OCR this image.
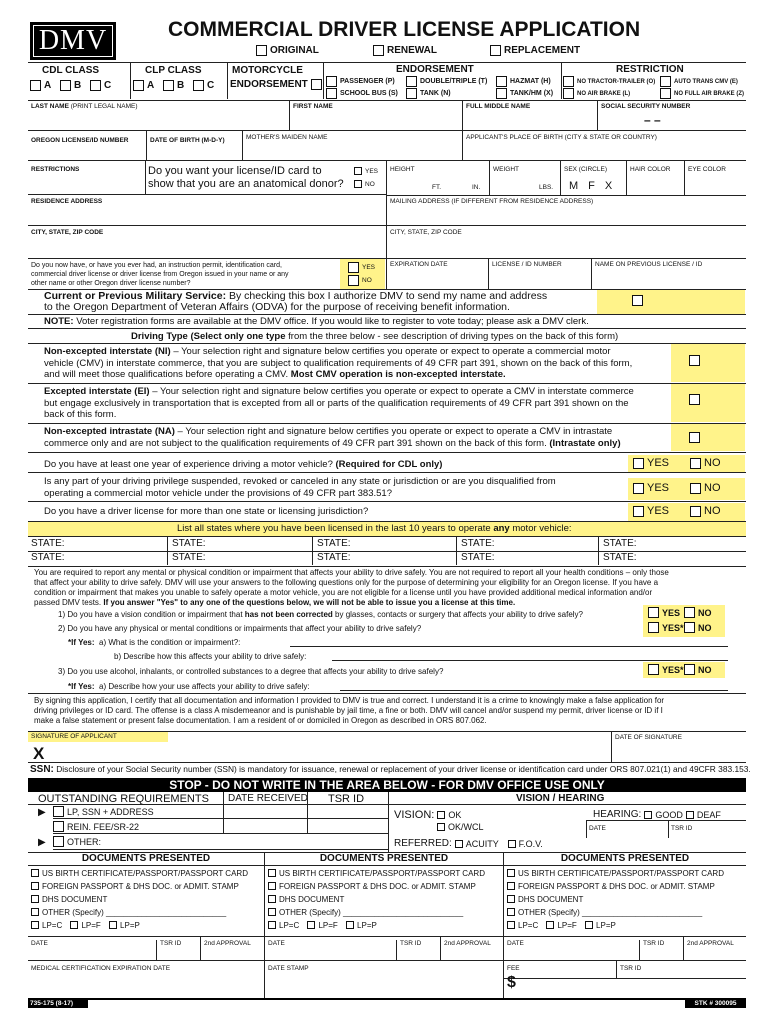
DMV	COMMERCIAL DRIVER LICENSE APPLICATION
ORIGINAL	RENEWAL	REPLACEMENT
CDL CLASS
A
B
C
CLP CLASS
A
B
C
MOTORCYCLE
ENDORSEMENT
ENDORSEMENT
PASSENGER (P)	DOUBLE/TRIPLE (T)	HAZMAT (H)
SCHOOL BUS (S)	TANK (N)	TANK/HM (X)
RESTRICTION
NO TRACTOR-TRAILER (O)	AUTO TRANS CMV (E)
NO AIR BRAKE (L)	NO FULL AIR BRAKE (Z)
LAST NAME (PRINT LEGAL NAME)	FIRST NAME	FULL MIDDLE NAME	SOCIAL SECURITY NUMBER
– –
OREGON LICENSE/ID NUMBER	DATE OF BIRTH (M-D-Y)	MOTHER'S MAIDEN NAME	APPLICANT'S PLACE OF BIRTH (CITY & STATE OR COUNTRY)
RESTRICTIONS	Do you want your license/ID card to
show that you are an anatomical donor?
YES
NO
HEIGHT
FT.	IN.
WEIGHT
LBS.
SEX (CIRCLE)
M F X
HAIR COLOR	EYE COLOR
RESIDENCE ADDRESS	MAILING ADDRESS (IF DIFFERENT FROM RESIDENCE ADDRESS)
CITY, STATE, ZIP CODE	CITY, STATE, ZIP CODE
Do you now have, or have you ever had, an instruction permit, identification card,
commercial driver license or driver license from Oregon issued in your name or any
other name or other Oregon driver license number?
YES
NO
EXPIRATION DATE	LICENSE / ID NUMBER	NAME ON PREVIOUS LICENSE / ID
Current or Previous Military Service: By checking this box I authorize DMV to send my name and address
to the Oregon Department of Veteran Affairs (ODVA) for the purpose of receiving benefit information.
NOTE: Voter registration forms are available at the DMV office. If you would like to register to vote today; please ask a DMV clerk.
Driving Type (Select only one type from the three below - see description of driving types on the back of this form)
Non-excepted interstate (NI) – Your selection right and signature below certifies you operate or expect to operate a commercial motor
vehicle (CMV) in interstate commerce, that you are subject to qualification requirements of 49 CFR part 391, shown on the back of this form,
and will meet those qualifications before operating a CMV. Most CMV operation is non-excepted interstate.
Excepted interstate (EI) – Your selection right and signature below certifies you operate or expect to operate a CMV in interstate commerce
but engage exclusively in transportation that is excepted from all or parts of the qualification requirements of 49 CFR part 391 shown on the
back of this form.
Non-excepted intrastate (NA) – Your selection right and signature below certifies you operate or expect to operate a CMV in intrastate
commerce only and are not subject to the qualification requirements of 49 CFR part 391 shown on the back of this form. (Intrastate only)
Do you have at least one year of experience driving a motor vehicle? (Required for CDL only)	YES	NO
Is any part of your driving privilege suspended, revoked or canceled in any state or jurisdiction or are you disqualified from
operating a commercial motor vehicle under the provisions of 49 CFR part 383.51?	YES	NO
Do you have a driver license for more than one state or licensing jurisdiction?	YES	NO
List all states where you have been licensed in the last 10 years to operate any motor vehicle:
STATE:	STATE:	STATE:	STATE:	STATE:
STATE:	STATE:	STATE:	STATE:	STATE:
You are required to report any mental or physical condition or impairment that affects your ability to drive safely. You are not required to report all your health conditions – only those
that affect your ability to drive safely. DMV will use your answers to the following questions only for the purpose of determining your eligibility for an Oregon license. If you have a
condition or impairment that makes you unable to safely operate a motor vehicle, you are not eligible for a license until you have provided additional medical information and/or
passed DMV tests. If you answer "Yes" to any one of the questions below, we will not be able to issue you a license at this time.
1) Do you have a vision condition or impairment that has not been corrected by glasses, contacts or surgery that affects your ability to drive safely?	YES NO
2) Do you have any physical or mental conditions or impairments that affect your ability to drive safely?	YES* NO
*If Yes: a) What is the condition or impairment?:
b) Describe how this affects your ability to drive safely:
3) Do you use alcohol, inhalants, or controlled substances to a degree that affects your ability to drive safely?	YES* NO
*If Yes: a) Describe how your use affects your ability to drive safely:
By signing this application, I certify that all documentation and information I provided to DMV is true and correct. I understand it is a crime to knowingly make a false application for
driving privileges or ID card. The offense is a class A misdemeanor and is punishable by jail time, a fine or both. DMV will cancel and/or suspend my permit, driver license or ID if I
make a false statement or present false documentation. I am a resident of or domiciled in Oregon as described in ORS 807.062.
SIGNATURE OF APPLICANT
X
DATE OF SIGNATURE
SSN: Disclosure of your Social Security number (SSN) is mandatory for issuance, renewal or replacement of your driver license or identification card under ORS 807.021(1) and 49CFR 383.153.
STOP - DO NOT WRITE IN THE AREA BELOW - FOR DMV OFFICE USE ONLY
OUTSTANDING REQUIREMENTS DATE RECEIVED TSR ID	VISION / HEARING
▶ LP, SSN + ADDRESS
REIN. FEE/SR-22
▶ OTHER:
VISION: OK
OK/WCL
HEARING: GOOD DEAF
DATE	TSR ID
REFERRED: ACUITY
F.O.V.
DOCUMENTS PRESENTED
US BIRTH CERTIFICATE/PASSPORT/PASSPORT CARD
FOREIGN PASSPORT & DHS DOC. or ADMIT. STAMP
DHS DOCUMENT
OTHER (Specify) ___________________________
LP=C
LP=F
LP=P
DATE	TSR ID	2nd APPROVAL
DOCUMENTS PRESENTED
US BIRTH CERTIFICATE/PASSPORT/PASSPORT CARD
FOREIGN PASSPORT & DHS DOC. or ADMIT. STAMP
DHS DOCUMENT
OTHER (Specify) ___________________________
LP=C
LP=F
LP=P
DATE	TSR ID	2nd APPROVAL
DOCUMENTS PRESENTED
US BIRTH CERTIFICATE/PASSPORT/PASSPORT CARD
FOREIGN PASSPORT & DHS DOC. or ADMIT. STAMP
DHS DOCUMENT
OTHER (Specify) ___________________________
LP=C
LP=F
LP=P
DATE	TSR ID	2nd APPROVAL
MEDICAL CERTIFICATION EXPIRATION DATE	DATE STAMP	FEE	TSR ID
$
735-175 (8-17)	STK # 300095
